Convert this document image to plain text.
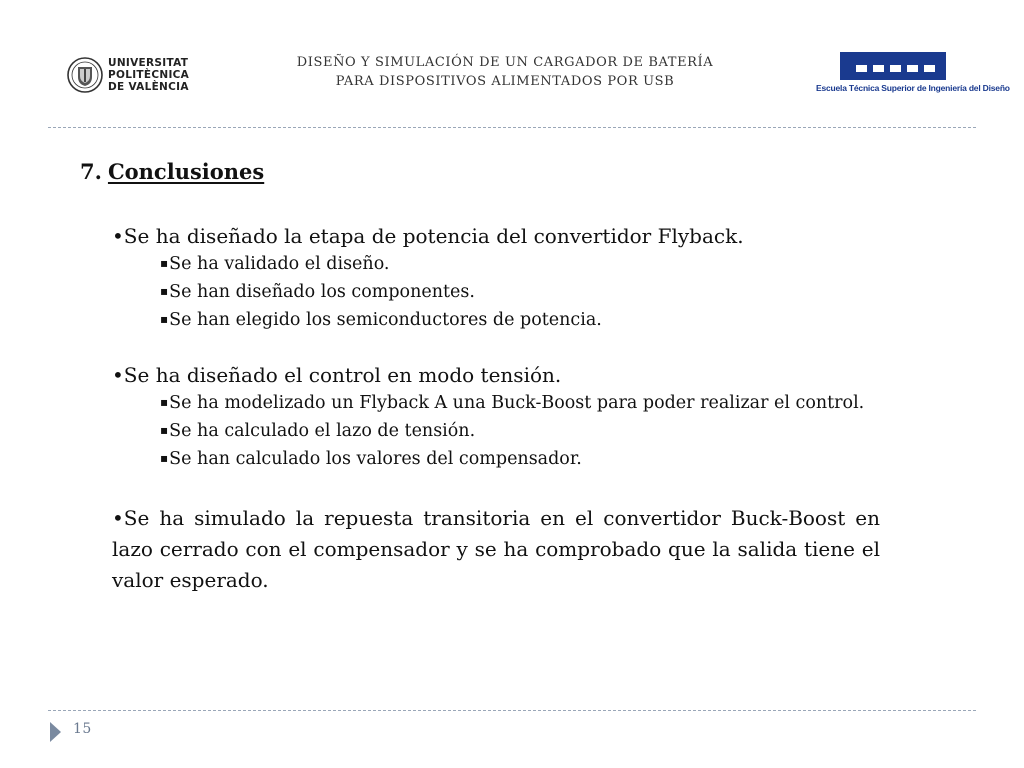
UNIVERSITAT
POLITÈCNICA
DE VALÈNCIA
DISEÑO Y SIMULACIÓN DE UN CARGADOR DE BATERÍA
PARA DISPOSITIVOS ALIMENTADOS POR USB	Escuela Técnica Superior de Ingeniería del Diseño
7. Conclusiones

•Se ha diseñado la etapa de potencia del convertidor Flyback.

▪Se ha validado el diseño.

▪Se han diseñado los componentes.

▪Se han elegido los semiconductores de potencia.

•Se ha diseñado el control en modo tensión.

▪Se ha modelizado un Flyback A una Buck-Boost para poder realizar el control.

▪Se ha calculado el lazo de tensión.

▪Se han calculado los valores del compensador.

•Se ha simulado la repuesta transitoria en el convertidor Buck-Boost en lazo cerrado con el compensador y se ha comprobado que la salida tiene el valor esperado.

15
